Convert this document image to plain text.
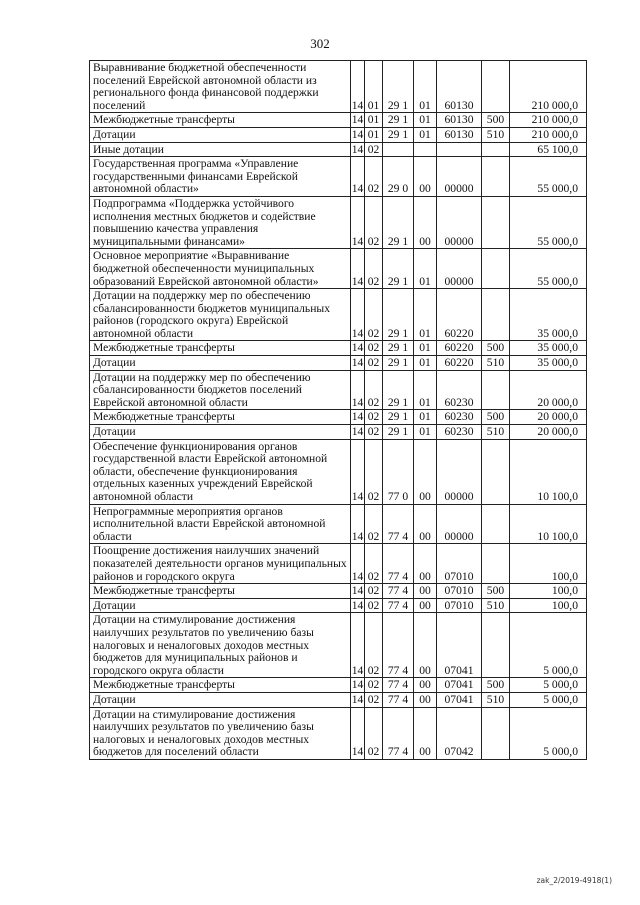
302
Выравнивание бюджетной обеспеченности поселений Еврейской автономной области из регионального фонда финансовой поддержки поселений	14	01	29 1	01	60130		210 000,0
Межбюджетные трансферты	14	01	29 1	01	60130	500	210 000,0
Дотации	14	01	29 1	01	60130	510	210 000,0
Иные дотации	14	02					65 100,0
Государственная программа «Управление государственными финансами Еврейской автономной области»	14	02	29 0	00	00000		55 000,0
Подпрограмма «Поддержка устойчивого исполнения местных бюджетов и содействие повышению качества управления муниципальными финансами»	14	02	29 1	00	00000		55 000,0
Основное мероприятие «Выравнивание бюджетной обеспеченности муниципальных образований Еврейской автономной области»	14	02	29 1	01	00000		55 000,0
Дотации на поддержку мер по обеспечению сбалансированности бюджетов муниципальных районов (городского округа) Еврейской автономной области	14	02	29 1	01	60220		35 000,0
Межбюджетные трансферты	14	02	29 1	01	60220	500	35 000,0
Дотации	14	02	29 1	01	60220	510	35 000,0
Дотации на поддержку мер по обеспечению сбалансированности бюджетов поселений Еврейской автономной области	14	02	29 1	01	60230		20 000,0
Межбюджетные трансферты	14	02	29 1	01	60230	500	20 000,0
Дотации	14	02	29 1	01	60230	510	20 000,0
Обеспечение функционирования органов государственной власти Еврейской автономной области, обеспечение функционирования отдельных казенных учреждений Еврейской автономной области	14	02	77 0	00	00000		10 100,0
Непрограммные мероприятия органов исполнительной власти Еврейской автономной области	14	02	77 4	00	00000		10 100,0
Поощрение достижения наилучших значений показателей деятельности органов муниципальных районов и городского округа	14	02	77 4	00	07010		100,0
Межбюджетные трансферты	14	02	77 4	00	07010	500	100,0
Дотации	14	02	77 4	00	07010	510	100,0
Дотации на стимулирование достижения наилучших результатов по увеличению базы налоговых и неналоговых доходов местных бюджетов для муниципальных районов и городского округа области	14	02	77 4	00	07041		5 000,0
Межбюджетные трансферты	14	02	77 4	00	07041	500	5 000,0
Дотации	14	02	77 4	00	07041	510	5 000,0
Дотации на стимулирование достижения наилучших результатов по увеличению базы налоговых и неналоговых доходов местных бюджетов для поселений области	14	02	77 4	00	07042		5 000,0
zak_2/2019-4918(1)
